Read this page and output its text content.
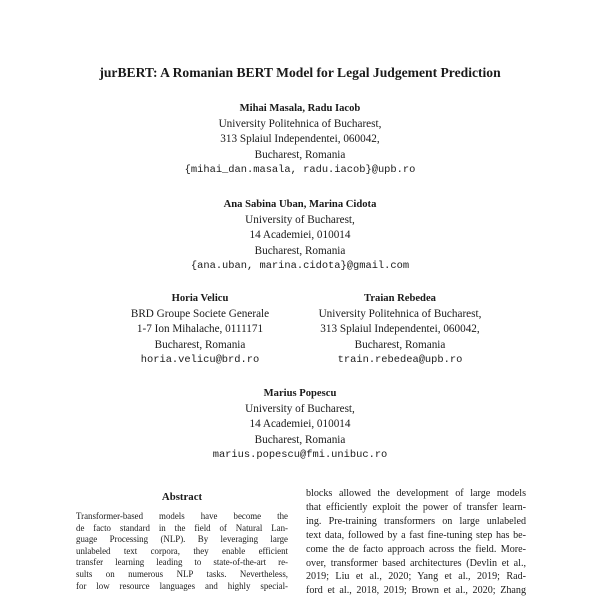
jurBERT: A Romanian BERT Model for Legal Judgement Prediction
Mihai Masala, Radu Iacob
University Politehnica of Bucharest,
313 Splaiul Independentei, 060042,
Bucharest, Romania
{mihai_dan.masala, radu.iacob}@upb.ro
Ana Sabina Uban, Marina Cidota
University of Bucharest,
14 Academiei, 010014
Bucharest, Romania
{ana.uban, marina.cidota}@gmail.com
Horia Velicu
BRD Groupe Societe Generale
1-7 Ion Mihalache, 0111171
Bucharest, Romania
horia.velicu@brd.ro
Traian Rebedea
University Politehnica of Bucharest,
313 Splaiul Independentei, 060042,
Bucharest, Romania
train.rebedea@upb.ro
Marius Popescu
University of Bucharest,
14 Academiei, 010014
Bucharest, Romania
marius.popescu@fmi.unibuc.ro
Abstract
Transformer-based models have become the
de facto standard in the field of Natural Lan-
guage Processing (NLP). By leveraging large
unlabeled text corpora, they enable efficient
transfer learning leading to state-of-the-art re-
sults on numerous NLP tasks. Nevertheless,
for low resource languages and highly special-
blocks allowed the development of large models
that efficiently exploit the power of transfer learn-
ing. Pre-training transformers on large unlabeled
text data, followed by a fast fine-tuning step has be-
come the de facto approach across the field. More-
over, transformer based architectures (Devlin et al.,
2019; Liu et al., 2020; Yang et al., 2019; Rad-
ford et al., 2018, 2019; Brown et al., 2020; Zhang
